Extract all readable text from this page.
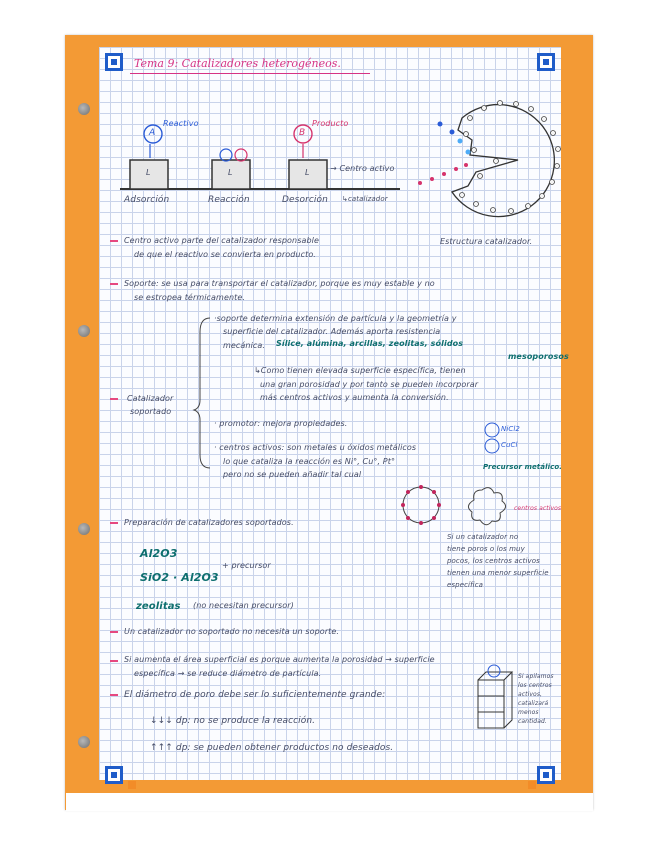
Tema 9: Catalizadores heterogéneos.
Reactivo	Producto
A	B
L	L	L	→ Centro activo
↳catalizador
Adsorción	Reacción	Desorción
Estructura catalizador.
Centro activo parte del catalizador responsable
de que el reactivo se convierta en producto.
Soporte: se usa para transportar el catalizador, porque es muy estable y no
se estropea térmicamente.
Catalizador
soportado
·soporte determina extensión de partícula y la geometría y
superficie del catalizador. Además aporta resistencia
mecánica. Sílice, alúmina, arcillas, zeolitas, sólidos
mesoporosos
↳Como tienen elevada superficie específica, tienen
una gran porosidad y por tanto se pueden incorporar
más centros activos y aumenta la conversión.
· promotor: mejora propiedades.
· centros activos: son metales u óxidos metálicos
lo que cataliza la reacción es Ni°, Cu°, Pt°
pero no se pueden añadir tal cual
NiCl2
CuCl
Precursor metálico.
centros activos
Preparación de catalizadores soportados.
Al2O3
SiO2 · Al2O3
+ precursor
zeolitas (no necesitan precursor)
Si un catalizador no
tiene poros o los muy
pocos, los centros activos
tienen una menor superficie
específica
Un catalizador no soportado no necesita un soporte.
Si aumenta el área superficial es porque aumenta la porosidad → superficie
específica → se reduce diámetro de partícula.
El diámetro de poro debe ser lo suficientemente grande:
↓↓↓ dp: no se produce la reacción.
↑↑↑ dp: se pueden obtener productos no deseados.
Si apilamos
los centros
activos,
catalizará
menos
cantidad.
